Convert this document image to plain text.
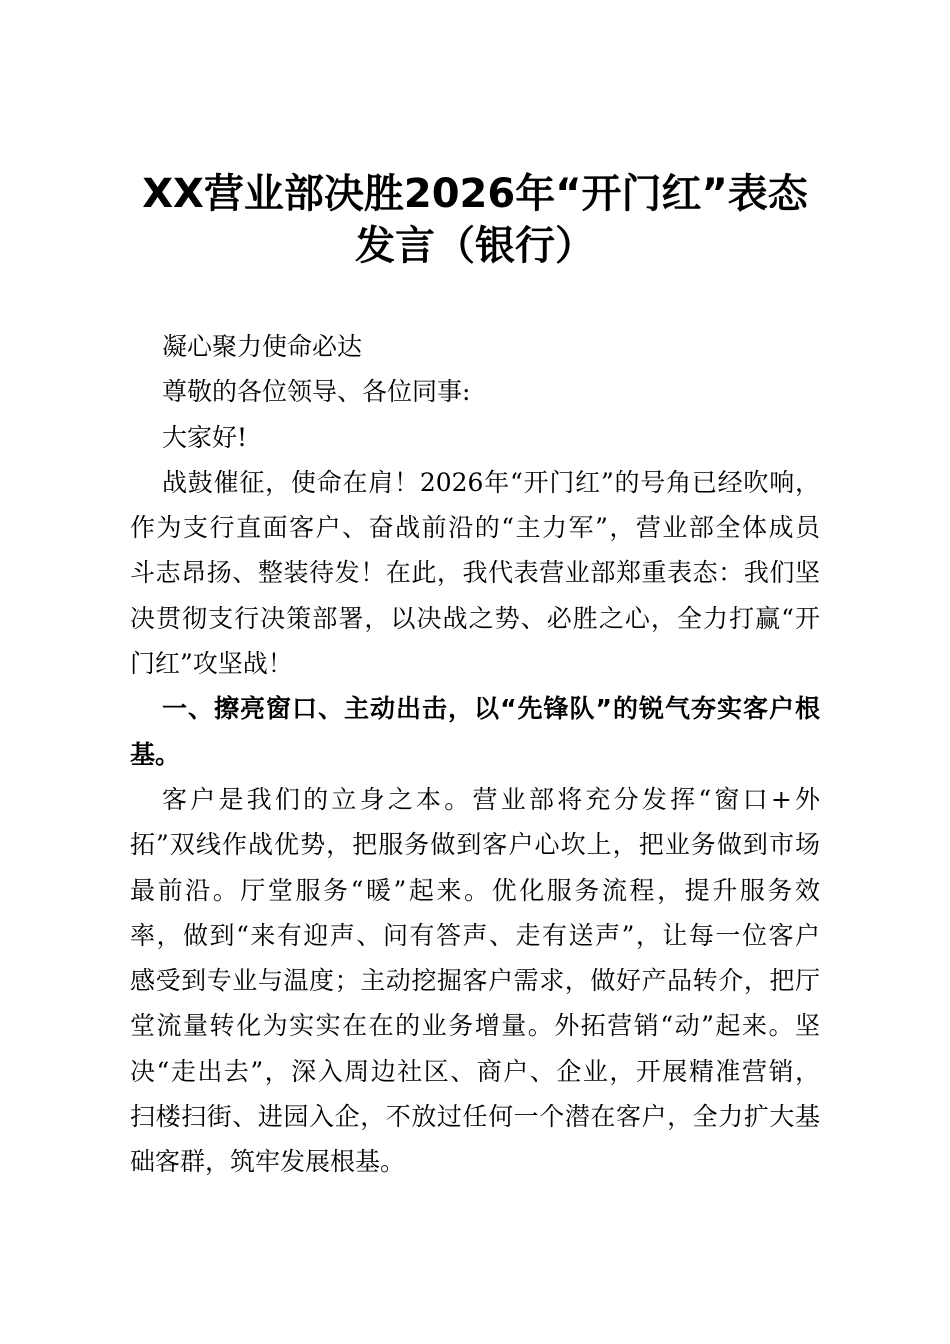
XX营业部决胜2026年“开门红”表态
发言（银行）
凝心聚力使命必达
尊敬的各位领导、各位同事:
大家好!
战鼓催征，使命在肩！2026年“开门红”的号角已经吹响，
作为支行直面客户、奋战前沿的“主力军”，营业部全体成员
斗志昂扬、整装待发！在此，我代表营业部郑重表态：我们坚
决贯彻支行决策部署，以决战之势、必胜之心，全力打赢“开
门红”攻坚战！
一、擦亮窗口、主动出击，以“先锋队”的锐气夯实客户根
基。
客户是我们的立身之本。营业部将充分发挥“窗口+外
拓”双线作战优势，把服务做到客户心坎上，把业务做到市场
最前沿。厅堂服务“暖”起来。优化服务流程，提升服务效
率，做到“来有迎声、问有答声、走有送声”，让每一位客户
感受到专业与温度；主动挖掘客户需求，做好产品转介，把厅
堂流量转化为实实在在的业务增量。外拓营销“动”起来。坚
决“走出去”，深入周边社区、商户、企业，开展精准营销，
扫楼扫街、进园入企，不放过任何一个潜在客户，全力扩大基
础客群，筑牢发展根基。
